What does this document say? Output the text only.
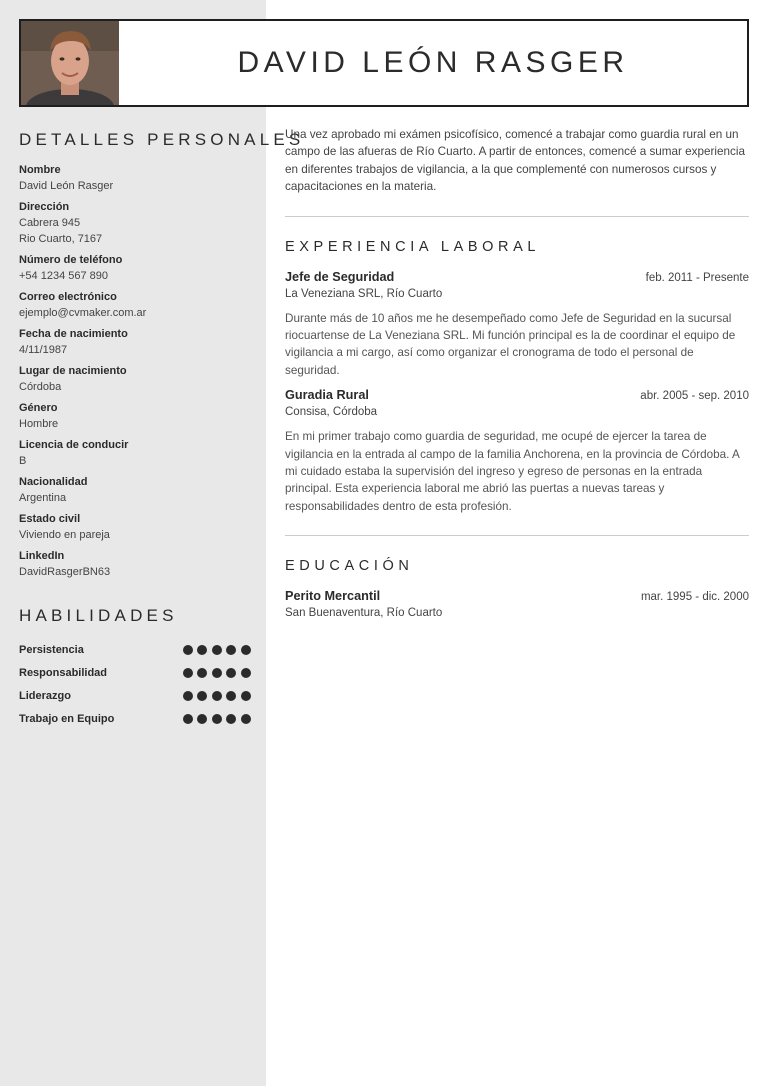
DAVID LEÓN RASGER
DETALLES PERSONALES
Nombre
David León Rasger
Dirección
Cabrera 945
Rio Cuarto, 7167
Número de teléfono
+54 1234 567 890
Correo electrónico
ejemplo@cvmaker.com.ar
Fecha de nacimiento
4/11/1987
Lugar de nacimiento
Córdoba
Género
Hombre
Licencia de conducir
B
Nacionalidad
Argentina
Estado civil
Viviendo en pareja
LinkedIn
DavidRasgerBN63
HABILIDADES
Persistencia
Responsabilidad
Liderazgo
Trabajo en Equipo

Una vez aprobado mi exámen psicofísico, comencé a trabajar como guardia rural en un campo de las afueras de Río Cuarto. A partir de entonces, comencé a sumar experiencia en diferentes trabajos de vigilancia, a la que complementé con numerosos cursos y capacitaciones en la materia.

EXPERIENCIA LABORAL
Jefe de Seguridad	feb. 2011 - Presente
La Veneziana SRL, Río Cuarto

Durante más de 10 años me he desempeñado como Jefe de Seguridad en la sucursal riocuartense de La Veneziana SRL. Mi función principal es la de coordinar el equipo de vigilancia a mi cargo, así como organizar el cronograma de todo el personal de seguridad.

Guradia Rural	abr. 2005 - sep. 2010
Consisa, Córdoba

En mi primer trabajo como guardia de seguridad, me ocupé de ejercer la tarea de vigilancia en la entrada al campo de la familia Anchorena, en la provincia de Córdoba. A mi cuidado estaba la supervisión del ingreso y egreso de personas en la entrada principal. Esta experiencia laboral me abrió las puertas a nuevas tareas y responsabilidades dentro de esta profesión.

EDUCACIÓN
Perito Mercantil	mar. 1995 - dic. 2000
San Buenaventura, Río Cuarto
